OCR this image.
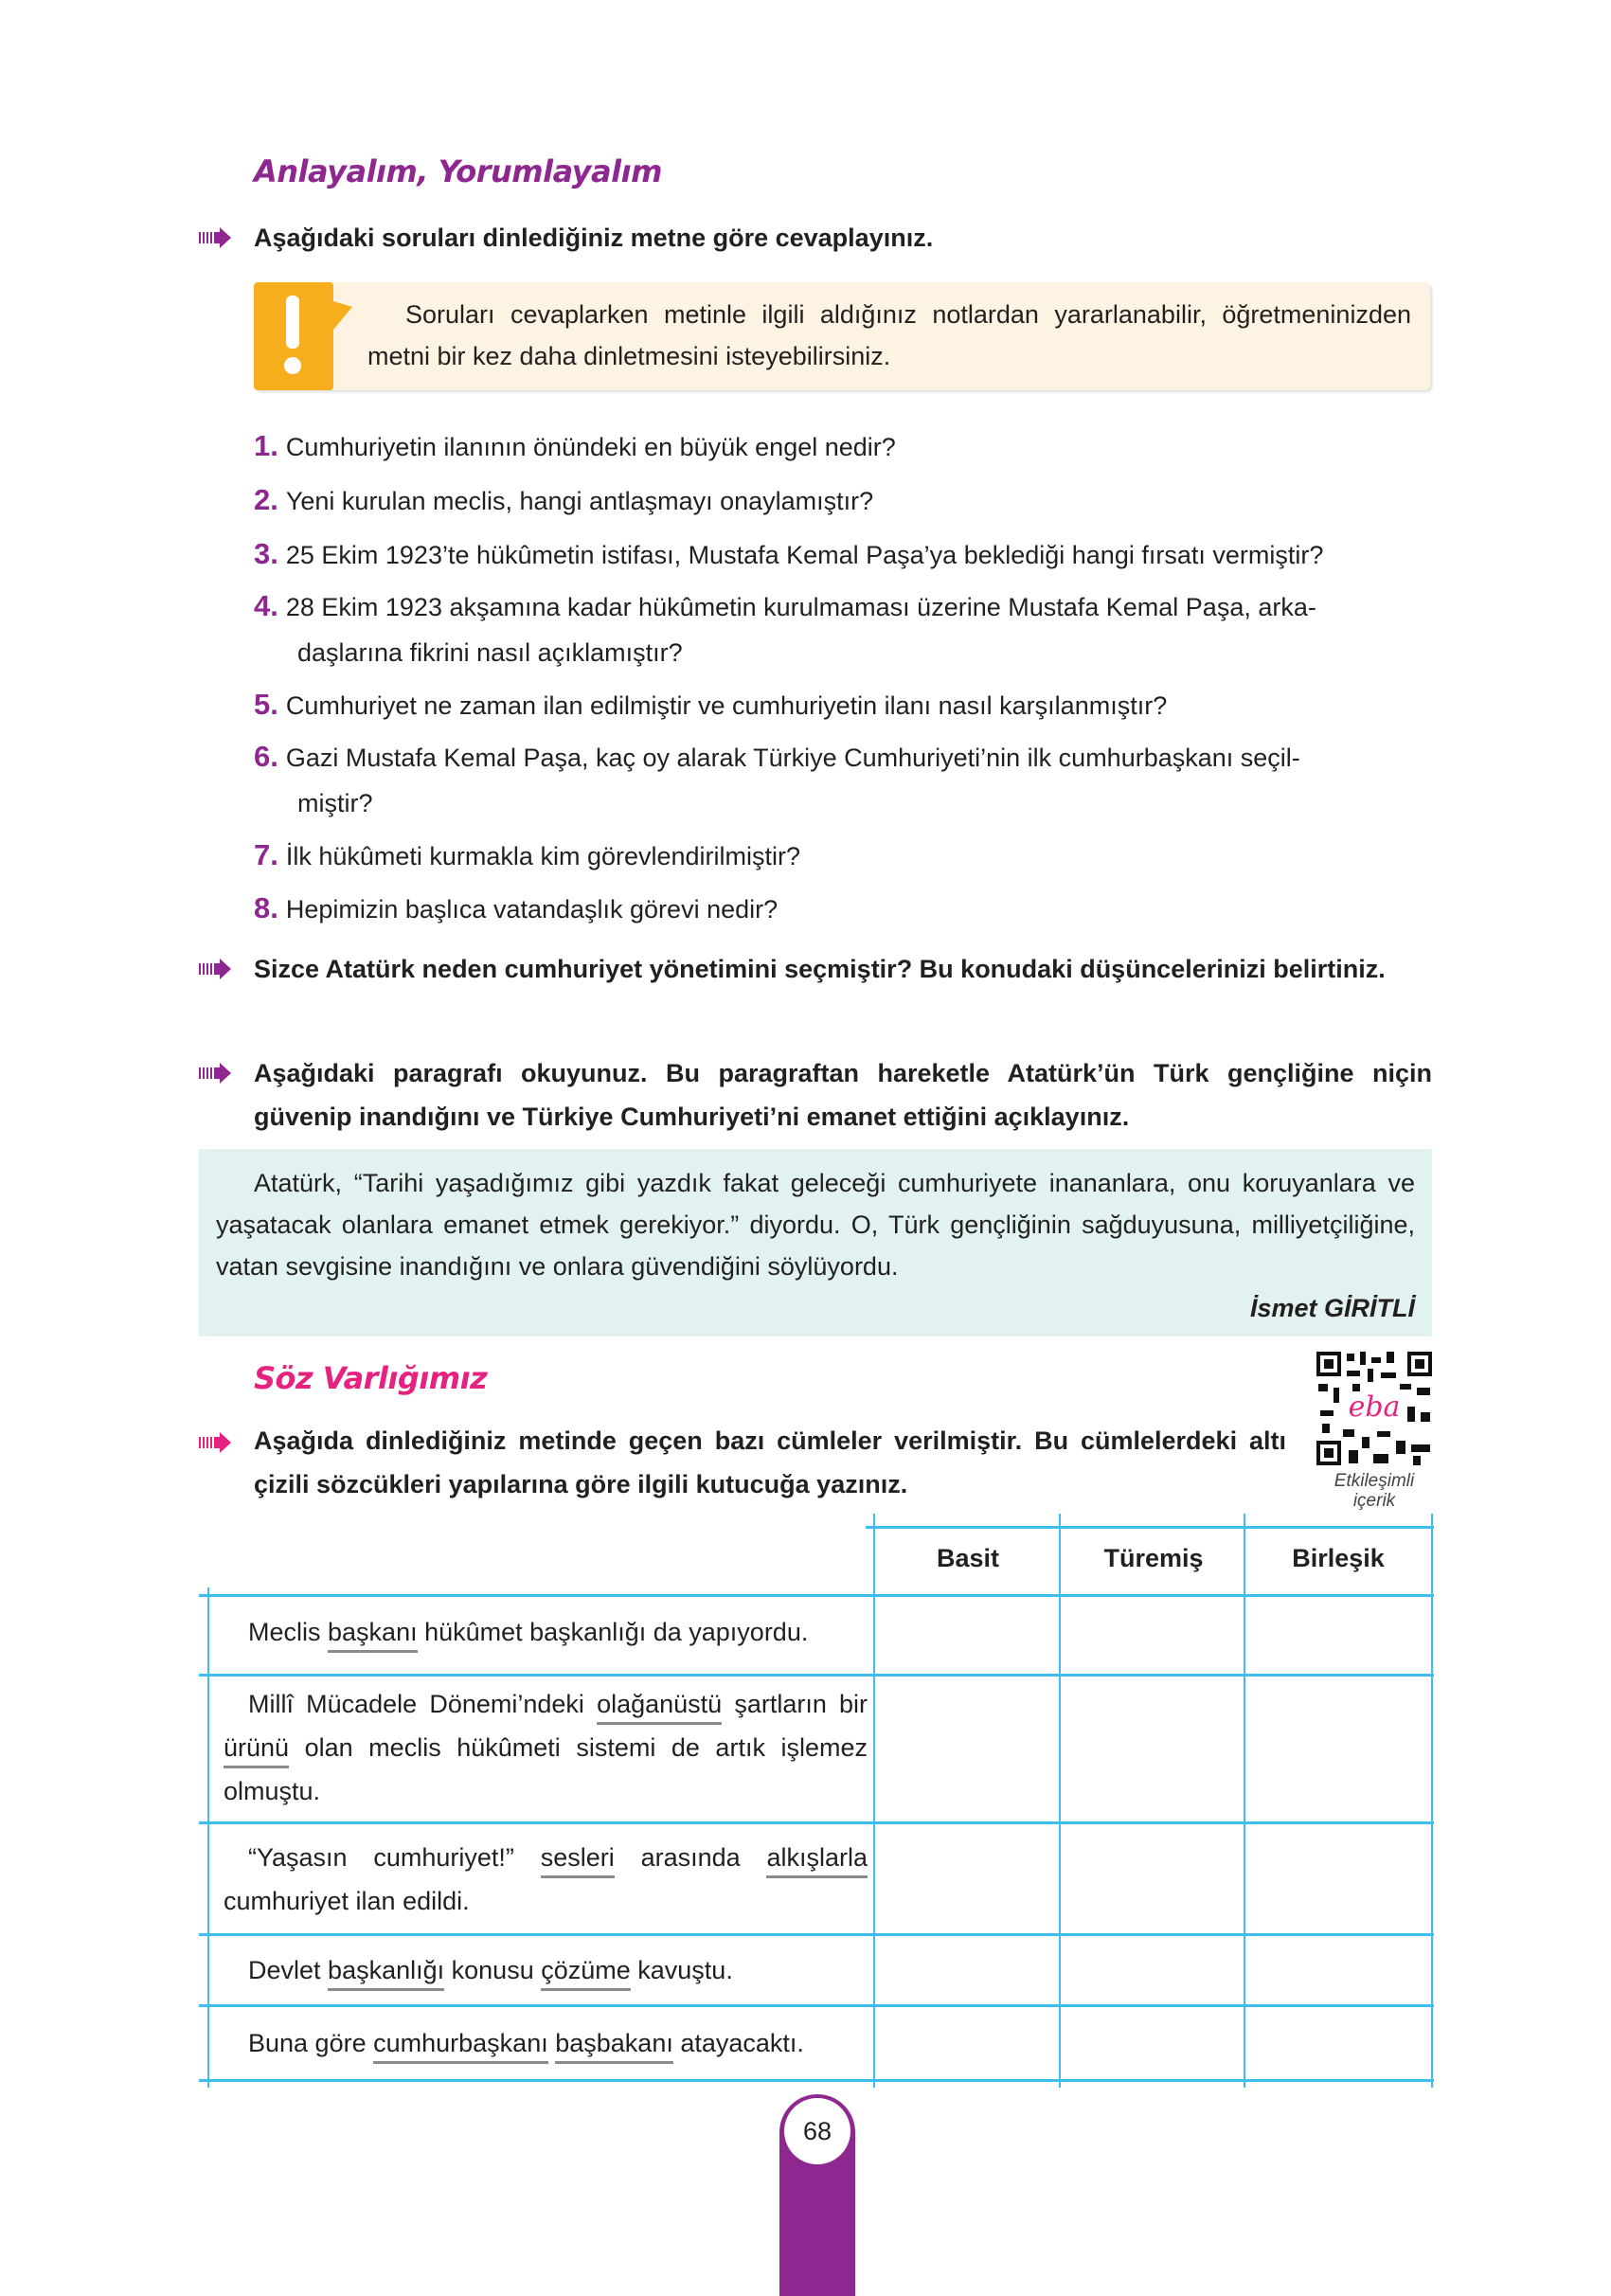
Anlayalım, Yorumlayalım
Aşağıdaki soruları dinlediğiniz metne göre cevaplayınız.
Soruları cevaplarken metinle ilgili aldığınız notlardan yararlanabilir, öğretmeninizden metni bir kez daha dinletmesini isteyebilirsiniz.
1. Cumhuriyetin ilanının önündeki en büyük engel nedir?
2. Yeni kurulan meclis, hangi antlaşmayı onaylamıştır?
3. 25 Ekim 1923’te hükûmetin istifası, Mustafa Kemal Paşa’ya beklediği hangi fırsatı vermiştir?
4. 28 Ekim 1923 akşamına kadar hükûmetin kurulmaması üzerine Mustafa Kemal Paşa, arka-
daşlarına fikrini nasıl açıklamıştır?
5. Cumhuriyet ne zaman ilan edilmiştir ve cumhuriyetin ilanı nasıl karşılanmıştır?
6. Gazi Mustafa Kemal Paşa, kaç oy alarak Türkiye Cumhuriyeti’nin ilk cumhurbaşkanı seçil-
miştir?
7. İlk hükûmeti kurmakla kim görevlendirilmiştir?
8. Hepimizin başlıca vatandaşlık görevi nedir?
Sizce Atatürk neden cumhuriyet yönetimini seçmiştir? Bu konudaki düşüncelerinizi belirtiniz.
Aşağıdaki paragrafı okuyunuz. Bu paragraftan hareketle Atatürk’ün Türk gençliğine niçin güvenip inandığını ve Türkiye Cumhuriyeti’ni emanet ettiğini açıklayınız.

Atatürk, “Tarihi yaşadığımız gibi yazdık fakat geleceği cumhuriyete inananlara, onu koruyanlara ve yaşatacak olanlara emanet etmek gerekiyor.” diyordu. O, Türk gençliğinin sağduyusuna, milliyetçiliğine, vatan sevgisine inandığını ve onlara güvendiğini söylüyordu.

İsmet GİRİTLİ
Söz Varlığımız
eba
Etkileşimli
içerik
Aşağıda dinlediğiniz metinde geçen bazı cümleler verilmiştir. Bu cümlelerdeki altı çizili sözcükleri yapılarına göre ilgili kutucuğa yazınız.
Basit	Türemiş	Birleşik
Meclis başkanı hükûmet başkanlığı da yapıyordu.
Millî Mücadele Dönemi’ndeki olağanüstü şartların bir ürünü olan meclis hükûmeti sistemi de artık işlemez olmuştu.
“Yaşasın cumhuriyet!” sesleri arasında alkışlarla cumhuriyet ilan edildi.
Devlet başkanlığı konusu çözüme kavuştu.
Buna göre cumhurbaşkanı başbakanı atayacaktı.
68
